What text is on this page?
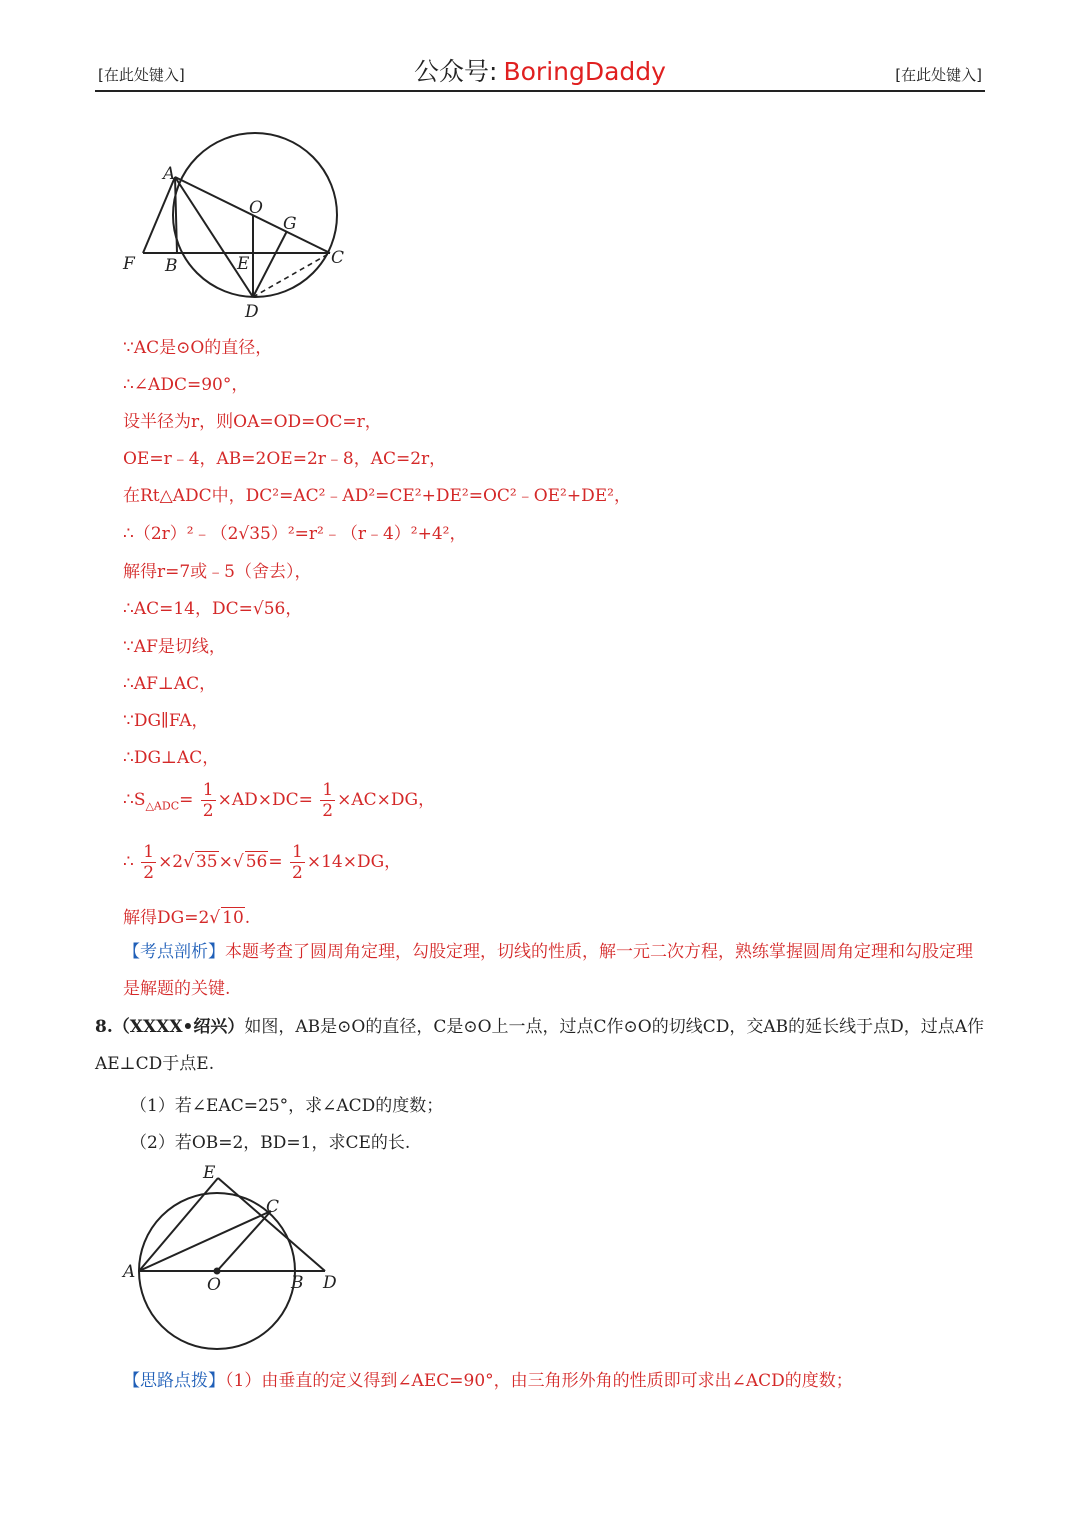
[在此处键入]	公众号: BoringDaddy	[在此处键入]
A
O
G
C
F B	E
D
∵AC是⊙O的直径，
∴∠ADC=90°，
设半径为r，则OA=OD=OC=r，
OE=r﹣4，AB=2OE=2r﹣8，AC=2r，
在Rt△ADC中，DC²=AC²﹣AD²=CE²+DE²=OC²﹣OE²+DE²，
∴（2r）²﹣（2√35）²=r²﹣（r﹣4）²+4²，
解得r=7或﹣5（舍去），
∴AC=14，DC=√56，
∵AF是切线，
∴AF⊥AC，
∵DG∥FA，
∴DG⊥AC，
$\therefore S_{\triangle ADC}= \frac{1}{2} \times AD\times DC= \frac{1}{2} \times AC\times DG$，
∴ $\frac{1}{2} \times 2√$ 35×√ $56= \frac{1}{2} \times 14\times DG$，
解得DG=2√ 10.
【考点剖析】本题考查了圆周角定理，勾股定理，切线的性质，解一元二次方程，熟练掌握圆周角定理和勾股定理是解题的关键.
8.（XXXX•绍兴）如图，AB是⊙O的直径，C是⊙O上一点，过点C作⊙O的切线CD，交AB的延长线于点D，过点A作AE⊥CD于点E.
（1）若∠EAC=25°，求∠ACD的度数；
（2）若OB=2，BD=1，求CE的长.
E
C
A
O	B D
【思路点拨】（1）由垂直的定义得到∠AEC=90°，由三角形外角的性质即可求出∠ACD的度数；
